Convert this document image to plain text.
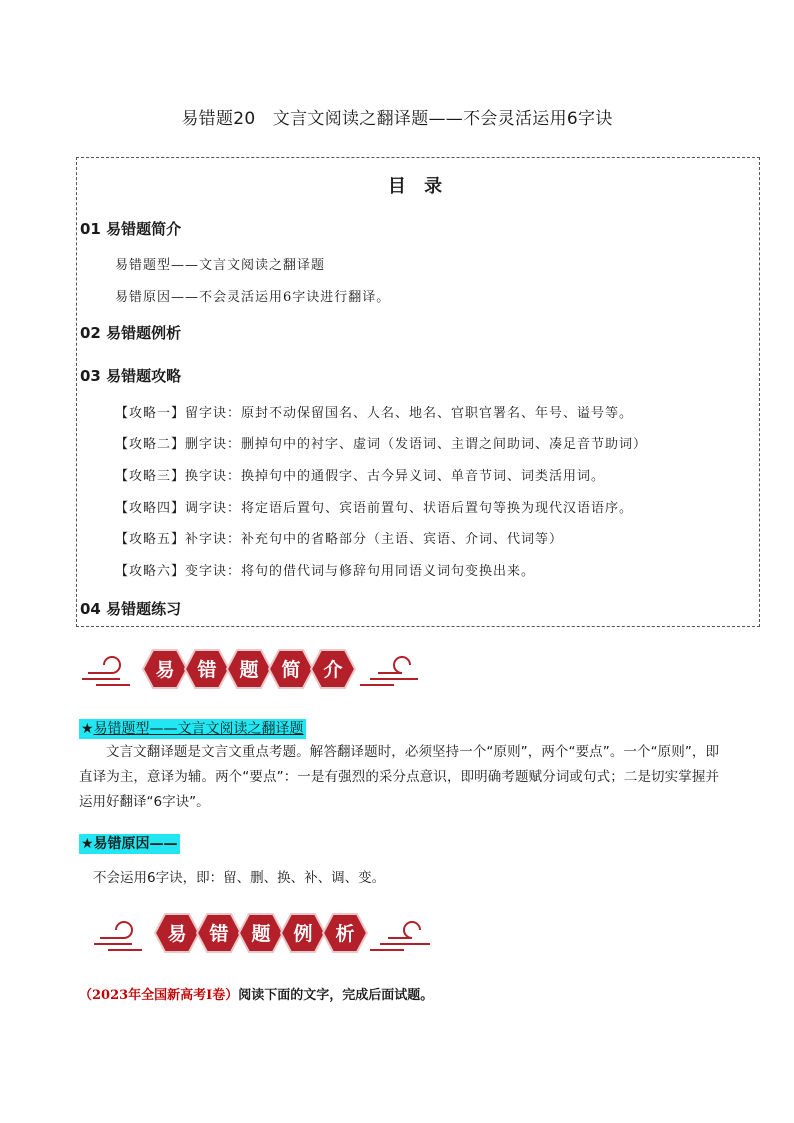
易错题20　文言文阅读之翻译题——不会灵活运用6字诀
目 录
01 易错题简介
易错题型——文言文阅读之翻译题
易错原因——不会灵活运用6字诀进行翻译。
02 易错题例析
03 易错题攻略
【攻略一】留字诀：原封不动保留国名、人名、地名、官职官署名、年号、谥号等。
【攻略二】删字诀：删掉句中的衬字、虚词（发语词、主谓之间助词、凑足音节助词）
【攻略三】换字诀：换掉句中的通假字、古今异义词、单音节词、词类活用词。
【攻略四】调字诀：将定语后置句、宾语前置句、状语后置句等换为现代汉语语序。
【攻略五】补字诀：补充句中的省略部分（主语、宾语、介词、代词等）
【攻略六】变字诀：将句的借代词与修辞句用同语义词句变换出来。
04 易错题练习
易 错 题 简 介
★易错题型——文言文阅读之翻译题
文言文翻译题是文言文重点考题。解答翻译题时，必须坚持一个“原则”，两个“要点”。一个“原则”，即直译为主，意译为辅。两个“要点”：一是有强烈的采分点意识，即明确考题赋分词或句式；二是切实掌握并运用好翻译“6字诀”。
★易错原因——
不会运用6字诀，即：留、删、换、补、调、变。
易 错 题 例 析
（2023年全国新高考Ⅰ卷）阅读下面的文字，完成后面试题。
